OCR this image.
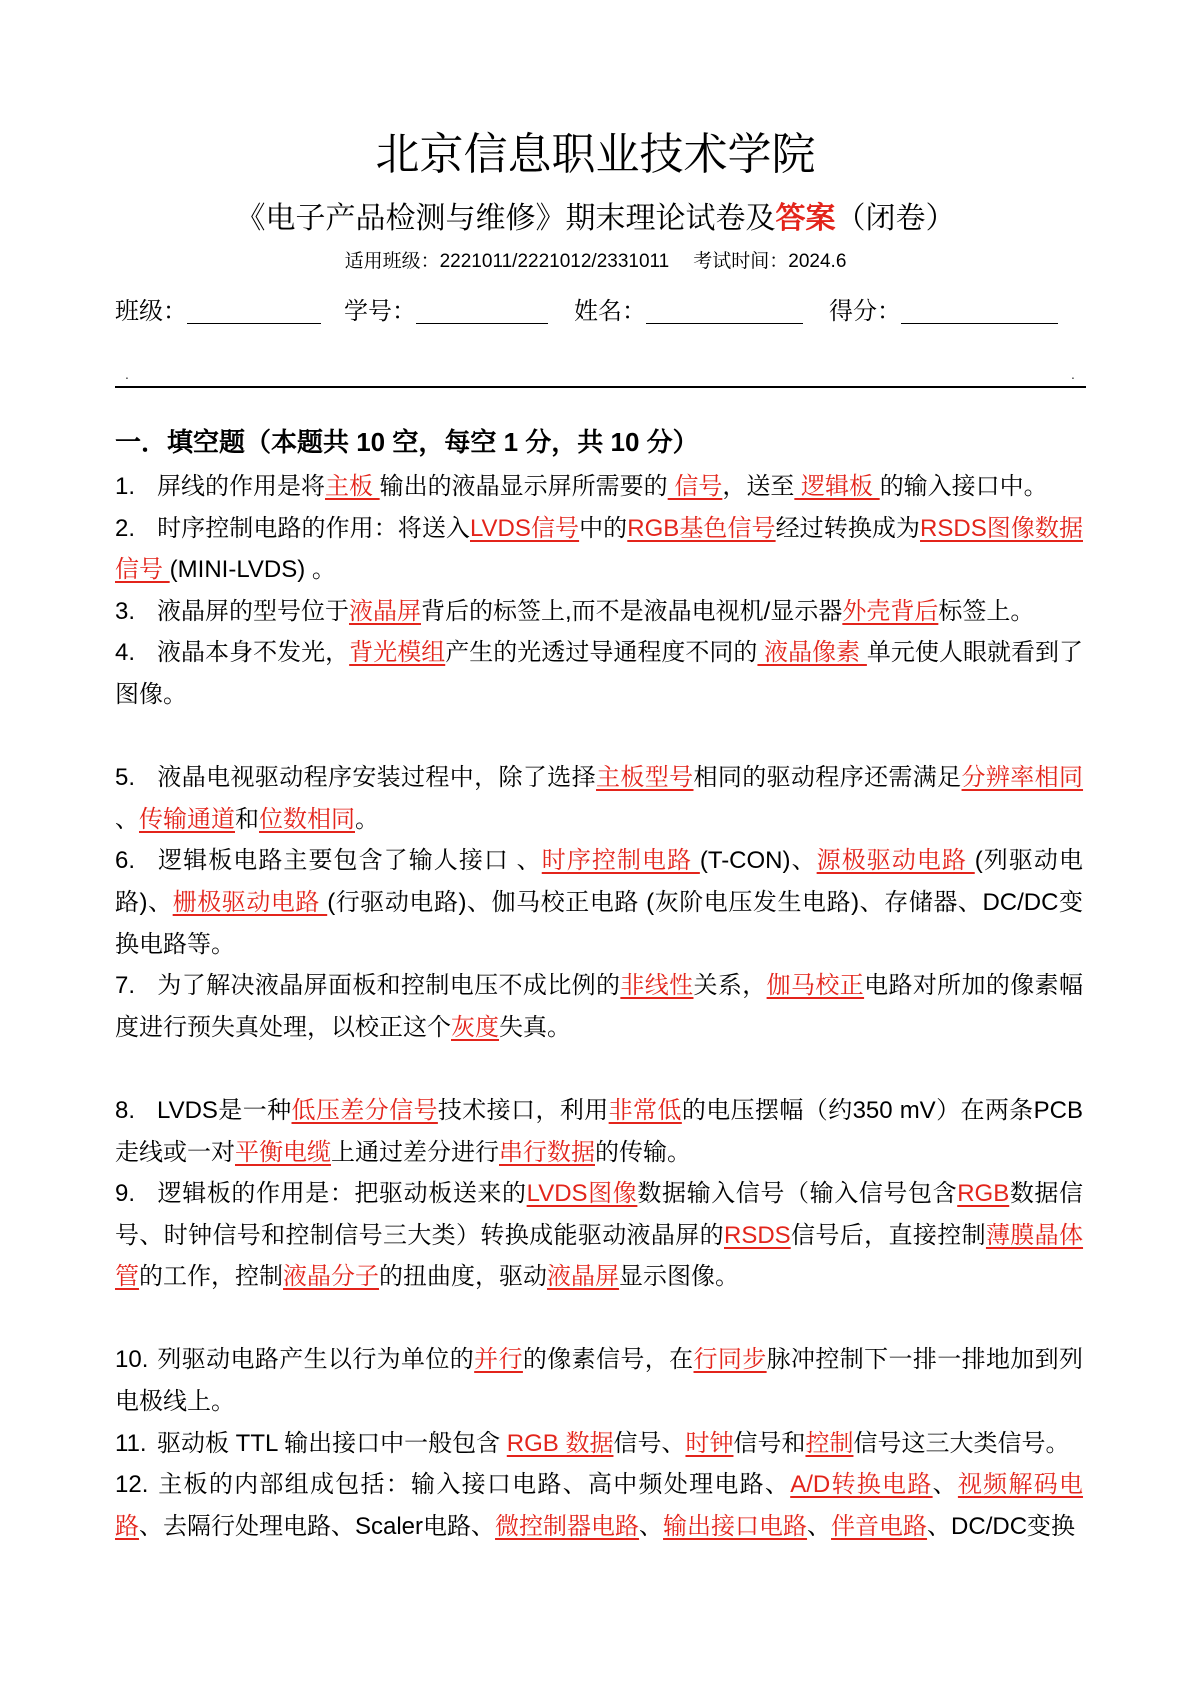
北京信息职业技术学院
《电子产品检测与维修》期末理论试卷及答案（闭卷）
适用班级：2221011/2221012/2331011 考试时间：2024.6
班级：	学号：	姓名：	得分：
.	.
一．填空题（本题共 10 空，每空 1 分，共 10 分）

1. 屏线的作用是将主板 输出的液晶显示屏所需要的 信号，送至 逻辑板 的输入接口中。

2. 时序控制电路的作用：将送入LVDS信号中的RGB基色信号经过转换成为RSDS图像数据信号 (MINI-LVDS) 。

3. 液晶屏的型号位于液晶屏背后的标签上,而不是液晶电视机/显示器外壳背后标签上。

4. 液晶本身不发光，背光模组产生的光透过导通程度不同的 液晶像素 单元使人眼就看到了图像。

5. 液晶电视驱动程序安装过程中，除了选择主板型号相同的驱动程序还需满足分辨率相同 、传输通道和位数相同。

6. 逻辑板电路主要包含了输人接口 、时序控制电路 (T-CON)、源极驱动电路 (列驱动电路)、栅极驱动电路 (行驱动电路)、伽马校正电路 (灰阶电压发生电路)、存储器、DC/DC变换电路等。

7. 为了解决液晶屏面板和控制电压不成比例的非线性关系，伽马校正电路对所加的像素幅度进行预失真处理，以校正这个灰度失真。

8. LVDS是一种低压差分信号技术接口，利用非常低的电压摆幅（约350 mV）在两条PCB走线或一对平衡电缆上通过差分进行串行数据的传输。

9. 逻辑板的作用是：把驱动板送来的LVDS图像数据输入信号（输入信号包含RGB数据信号、时钟信号和控制信号三大类）转换成能驱动液晶屏的RSDS信号后，直接控制薄膜晶体管的工作，控制液晶分子的扭曲度，驱动液晶屏显示图像。

10. 列驱动电路产生以行为单位的并行的像素信号，在行同步脉冲控制下一排一排地加到列电极线上。

11. 驱动板 TTL 输出接口中一般包含 RGB 数据信号、时钟信号和控制信号这三大类信号。

12. 主板的内部组成包括：输入接口电路、高中频处理电路、A/D转换电路、视频解码电路、去隔行处理电路、Scaler电路、微控制器电路、输出接口电路、伴音电路、DC/DC变换
